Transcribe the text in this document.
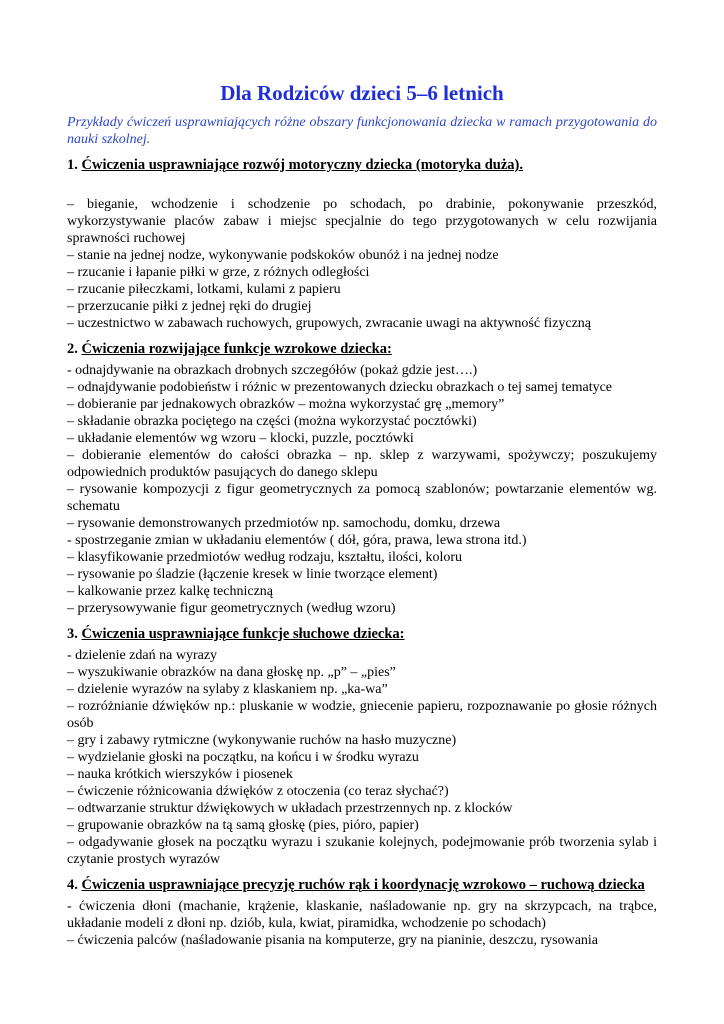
Dla Rodziców dzieci 5–6 letnich

Przykłady ćwiczeń usprawniających różne obszary funkcjonowania dziecka w ramach przygotowania do nauki szkolnej.

1. Ćwiczenia usprawniające rozwój motoryczny dziecka (motoryka duża).

– bieganie, wchodzenie i schodzenie po schodach, po drabinie, pokonywanie przeszkód, wykorzystywanie placów zabaw i miejsc specjalnie do tego przygotowanych w celu rozwijania sprawności ruchowej

– stanie na jednej nodze, wykonywanie podskoków obunóż i na jednej nodze

– rzucanie i łapanie piłki w grze, z różnych odległości

– rzucanie piłeczkami, lotkami, kulami z papieru

– przerzucanie piłki z jednej ręki do drugiej

– uczestnictwo w zabawach ruchowych, grupowych, zwracanie uwagi na aktywność fizyczną

2. Ćwiczenia rozwijające funkcje wzrokowe dziecka:

- odnajdywanie na obrazkach drobnych szczegółów (pokaż gdzie jest….)

– odnajdywanie podobieństw i różnic w prezentowanych dziecku obrazkach o tej samej tematyce

– dobieranie par jednakowych obrazków – można wykorzystać grę „memory”

– składanie obrazka pociętego na części (można wykorzystać pocztówki)

– układanie elementów wg wzoru – klocki, puzzle, pocztówki

– dobieranie elementów do całości obrazka – np. sklep z warzywami, spożywczy; poszukujemy odpowiednich produktów pasujących do danego sklepu

– rysowanie kompozycji z figur geometrycznych za pomocą szablonów; powtarzanie elementów wg. schematu

– rysowanie demonstrowanych przedmiotów np. samochodu, domku, drzewa

- spostrzeganie zmian w układaniu elementów ( dół, góra, prawa, lewa strona itd.)

– klasyfikowanie przedmiotów według rodzaju, kształtu, ilości, koloru

– rysowanie po śladzie (łączenie kresek w linie tworzące element)

– kalkowanie przez kalkę techniczną

– przerysowywanie figur geometrycznych (według wzoru)

3. Ćwiczenia usprawniające funkcje słuchowe dziecka:

- dzielenie zdań na wyrazy

– wyszukiwanie obrazków na dana głoskę np. „p” – „pies”

– dzielenie wyrazów na sylaby z klaskaniem np. „ka-wa”

– rozróżnianie dźwięków np.: pluskanie w wodzie, gniecenie papieru, rozpoznawanie po głosie różnych osób

– gry i zabawy rytmiczne (wykonywanie ruchów na hasło muzyczne)

– wydzielanie głoski na początku, na końcu i w środku wyrazu

– nauka krótkich wierszyków i piosenek

– ćwiczenie różnicowania dźwięków z otoczenia (co teraz słychać?)

– odtwarzanie struktur dźwiękowych w układach przestrzennych np. z klocków

– grupowanie obrazków na tą samą głoskę (pies, pióro, papier)

– odgadywanie głosek na początku wyrazu i szukanie kolejnych, podejmowanie prób tworzenia sylab i czytanie prostych wyrazów

4. Ćwiczenia usprawniające precyzję ruchów rąk i koordynację wzrokowo – ruchową dziecka

- ćwiczenia dłoni (machanie, krążenie, klaskanie, naśladowanie np. gry na skrzypcach, na trąbce, układanie modeli z dłoni np. dziób, kula, kwiat, piramidka, wchodzenie po schodach)

– ćwiczenia palców (naśladowanie pisania na komputerze, gry na pianinie, deszczu, rysowania
